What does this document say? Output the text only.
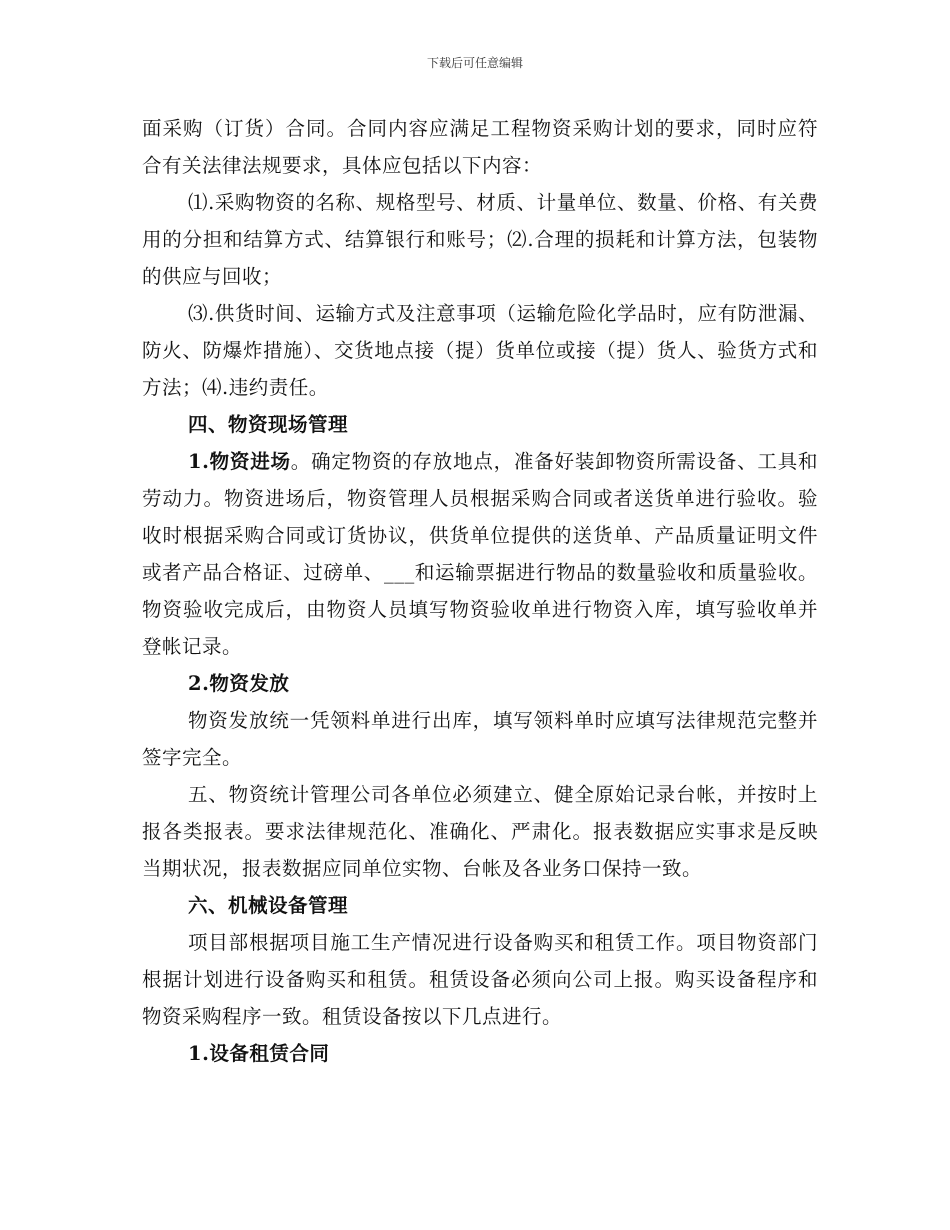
下载后可任意编辑

面采购（订货）合同。合同内容应满足工程物资采购计划的要求，同时应符合有关法律法规要求，具体应包括以下内容：

⑴.采购物资的名称、规格型号、材质、计量单位、数量、价格、有关费用的分担和结算方式、结算银行和账号；⑵.合理的损耗和计算方法，包装物的供应与回收；

⑶.供货时间、运输方式及注意事项（运输危险化学品时，应有防泄漏、防火、防爆炸措施）、交货地点接（提）货单位或接（提）货人、验货方式和方法；⑷.违约责任。

四、物资现场管理

1.物资进场。确定物资的存放地点，准备好装卸物资所需设备、工具和劳动力。物资进场后，物资管理人员根据采购合同或者送货单进行验收。验收时根据采购合同或订货协议，供货单位提供的送货单、产品质量证明文件或者产品合格证、过磅单、___和运输票据进行物品的数量验收和质量验收。物资验收完成后，由物资人员填写物资验收单进行物资入库，填写验收单并登帐记录。

2.物资发放

物资发放统一凭领料单进行出库，填写领料单时应填写法律规范完整并签字完全。

五、物资统计管理公司各单位必须建立、健全原始记录台帐，并按时上报各类报表。要求法律规范化、准确化、严肃化。报表数据应实事求是反映当期状况，报表数据应同单位实物、台帐及各业务口保持一致。

六、机械设备管理

项目部根据项目施工生产情况进行设备购买和租赁工作。项目物资部门根据计划进行设备购买和租赁。租赁设备必须向公司上报。购买设备程序和物资采购程序一致。租赁设备按以下几点进行。

1.设备租赁合同
